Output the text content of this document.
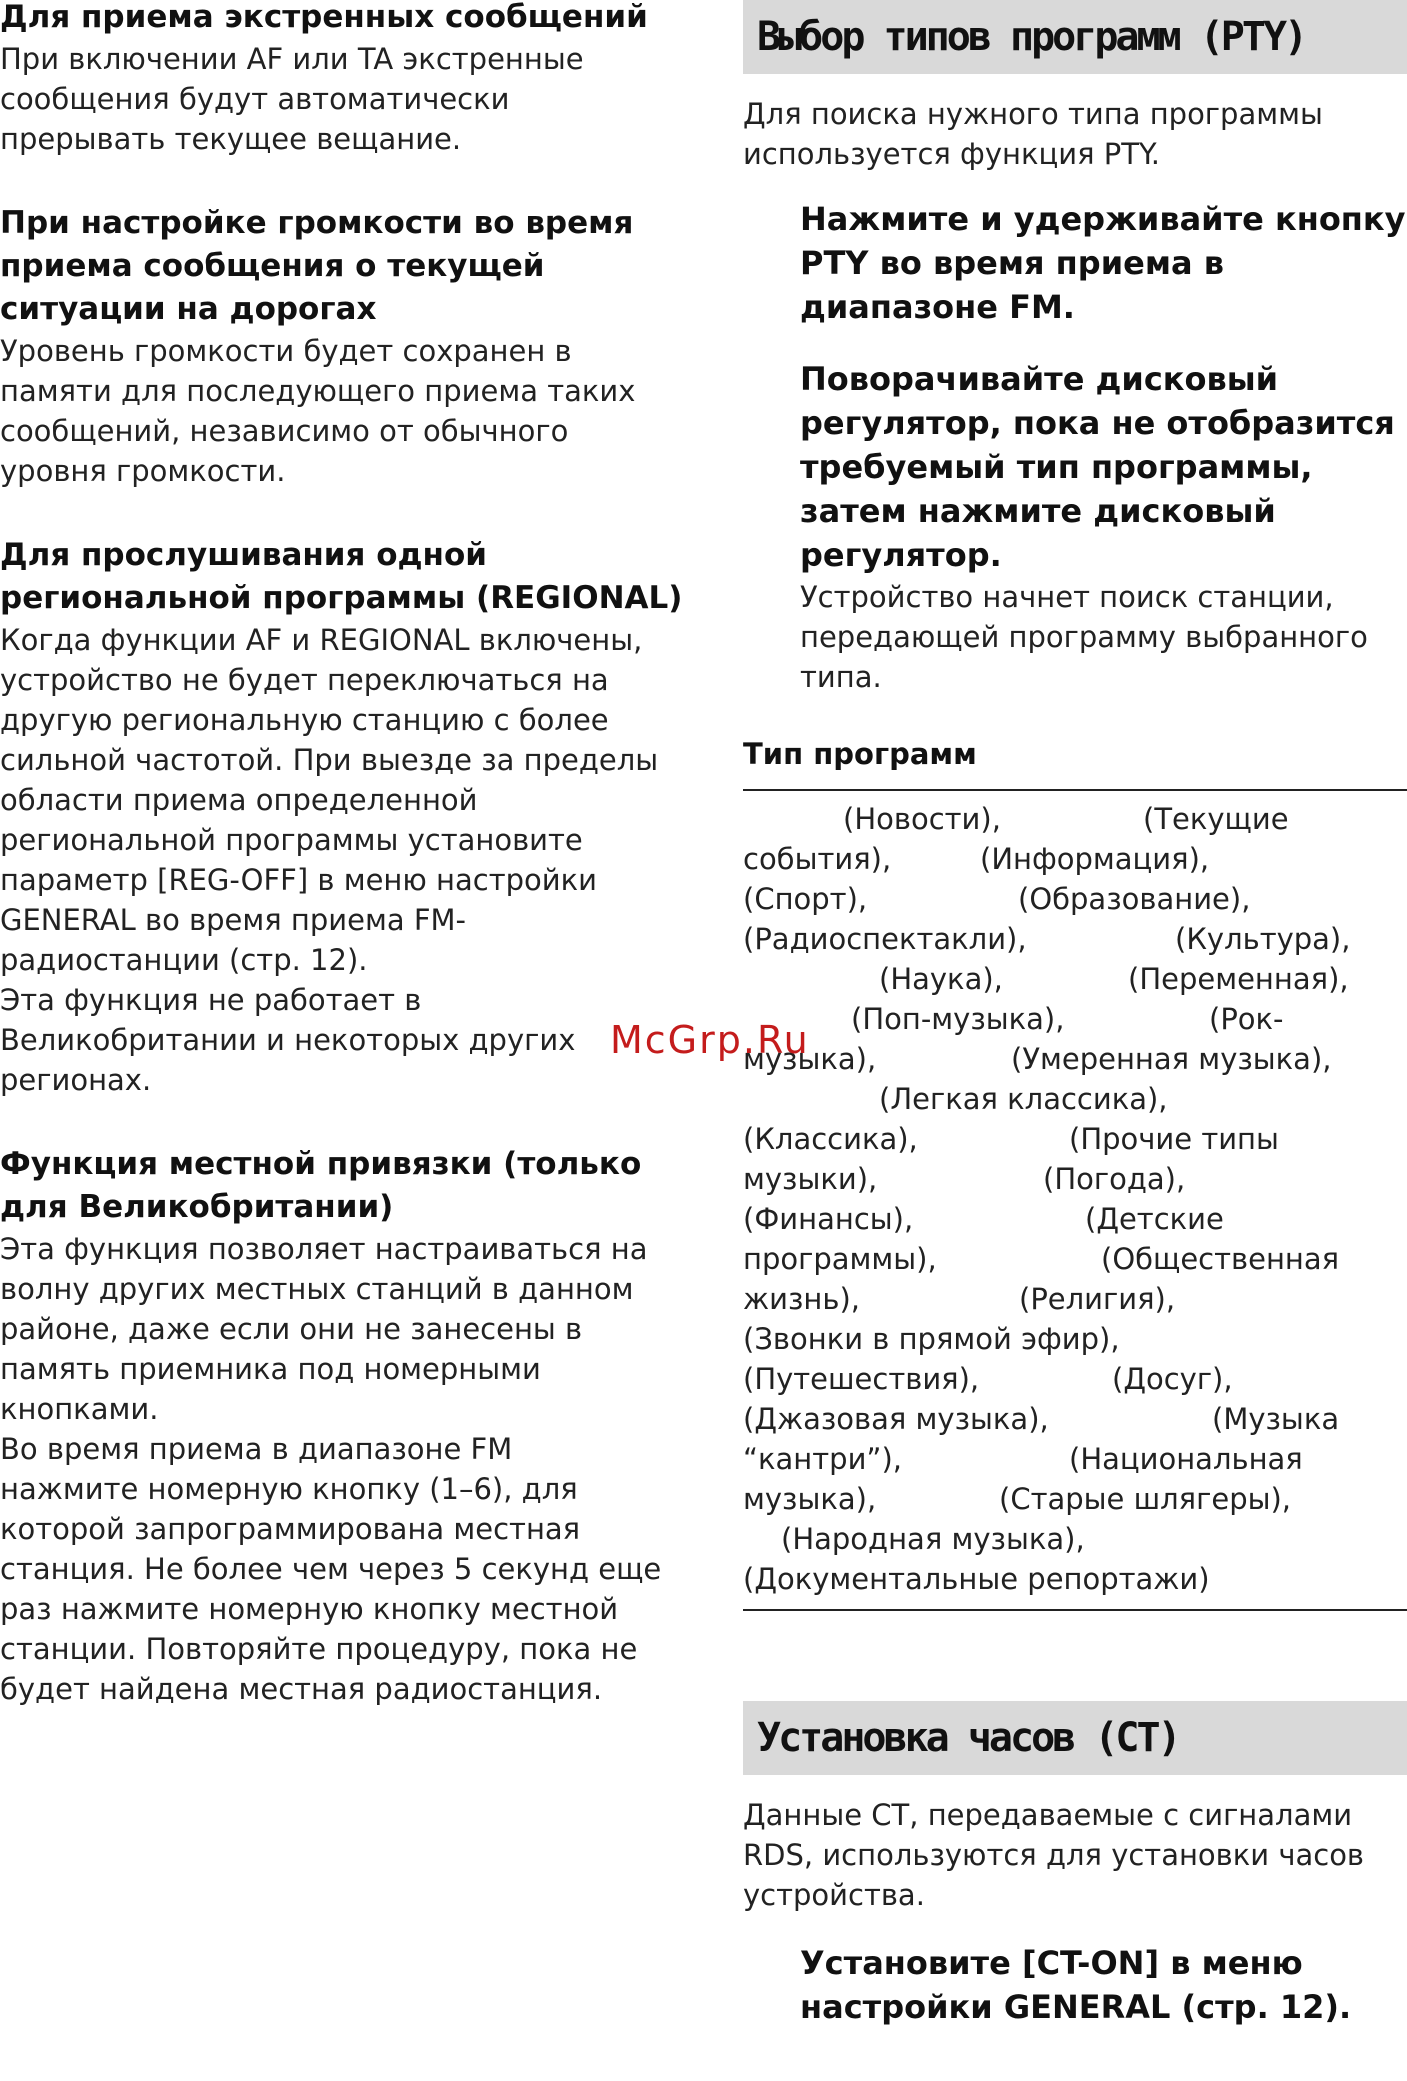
Для приема экстренных сообщений

При включении AF или TA экстренные

сообщения будут автоматически

прерывать текущее вещание.

При настройке громкости во время

приема сообщения о текущей

ситуации на дорогах

Уровень громкости будет сохранен в

памяти для последующего приема таких

сообщений, независимо от обычного

уровня громкости.

Для прослушивания одной

региональной программы (REGIONAL)

Когда функции AF и REGIONAL включены,

устройство не будет переключаться на

другую региональную станцию с более

сильной частотой. При выезде за пределы

области приема определенной

региональной программы установите

параметр [REG-OFF] в меню настройки

GENERAL во время приема FM-

радиостанции (стр. 12).

Эта функция не работает в

Великобритании и некоторых других

регионах.

Функция местной привязки (только

для Великобритании)

Эта функция позволяет настраиваться на

волну других местных станций в данном

районе, даже если они не занесены в

память приемника под номерными

кнопками.

Во время приема в диапазоне FM

нажмите номерную кнопку (1–6), для

которой запрограммирована местная

станция. Не более чем через 5 секунд еще

раз нажмите номерную кнопку местной

станции. Повторяйте процедуру, пока не

будет найдена местная радиостанция.

Выбор типов программ (PTY)

Для поиска нужного типа программы

используется функция PTY.

Нажмите и удерживайте кнопку

PTY во время приема в

диапазоне FM.

Поворачивайте дисковый

регулятор, пока не отобразится

требуемый тип программы,

затем нажмите дисковый

регулятор.

Устройство начнет поиск станции,

передающей программу выбранного

типа.

Тип программ

(Новости),	(Текущие
события),	(Информация),
(Спорт),	(Образование),
(Радиоспектакли),	(Культура),
(Наука),	(Переменная),
(Поп-музыка),	(Рок-
музыка),	(Умеренная музыка),
(Легкая классика),
(Классика),	(Прочие типы
музыки),	(Погода),
(Финансы),	(Детские
программы),	(Общественная
жизнь),	(Религия),
(Звонки в прямой эфир),
(Путешествия),	(Досуг),
(Джазовая музыка),	(Музыка
“кантри”),	(Национальная
музыка),	(Старые шлягеры),
(Народная музыка),
(Документальные репортажи)
Установка часов (CT)

Данные CT, передаваемые с сигналами

RDS, используются для установки часов

устройства.

Установите [CT-ON] в меню

настройки GENERAL (стр. 12).

McGrp.Ru
